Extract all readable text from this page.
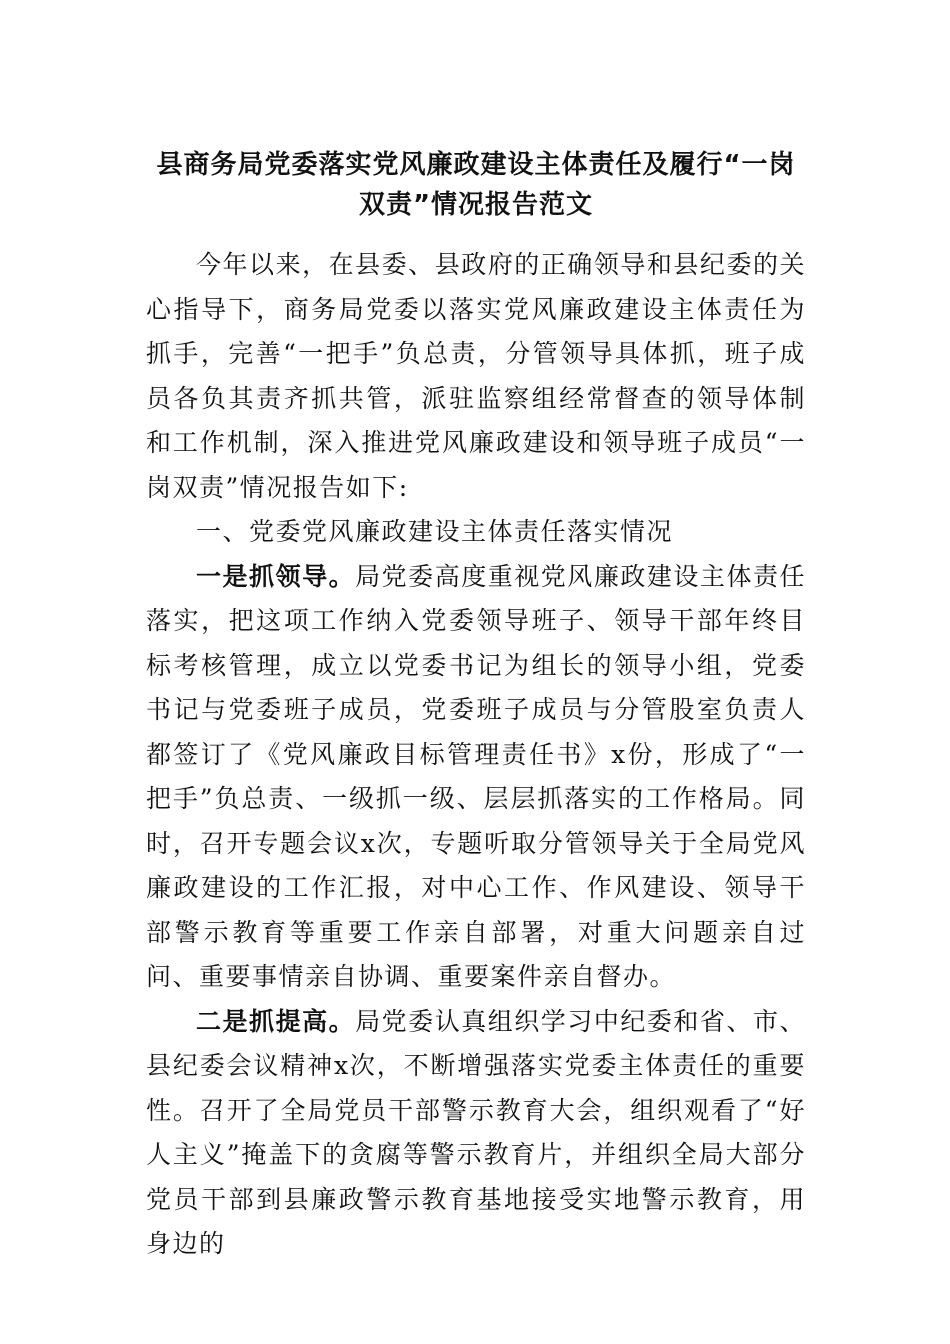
县商务局党委落实党风廉政建设主体责任及履行“一岗双责”情况报告范文

今年以来，在县委、县政府的正确领导和县纪委的关心指导下，商务局党委以落实党风廉政建设主体责任为抓手，完善“一把手”负总责，分管领导具体抓，班子成员各负其责齐抓共管，派驻监察组经常督查的领导体制和工作机制，深入推进党风廉政建设和领导班子成员“一岗双责”情况报告如下:

一、党委党风廉政建设主体责任落实情况

一是抓领导。局党委高度重视党风廉政建设主体责任落实，把这项工作纳入党委领导班子、领导干部年终目标考核管理，成立以党委书记为组长的领导小组，党委书记与党委班子成员，党委班子成员与分管股室负责人都签订了《党风廉政目标管理责任书》x份，形成了“一把手”负总责、一级抓一级、层层抓落实的工作格局。同时，召开专题会议x次，专题听取分管领导关于全局党风廉政建设的工作汇报，对中心工作、作风建设、领导干部警示教育等重要工作亲自部署，对重大问题亲自过问、重要事情亲自协调、重要案件亲自督办。

二是抓提高。局党委认真组织学习中纪委和省、市、县纪委会议精神x次，不断增强落实党委主体责任的重要性。召开了全局党员干部警示教育大会，组织观看了“好人主义”掩盖下的贪腐等警示教育片，并组织全局大部分党员干部到县廉政警示教育基地接受实地警示教育，用身边的
